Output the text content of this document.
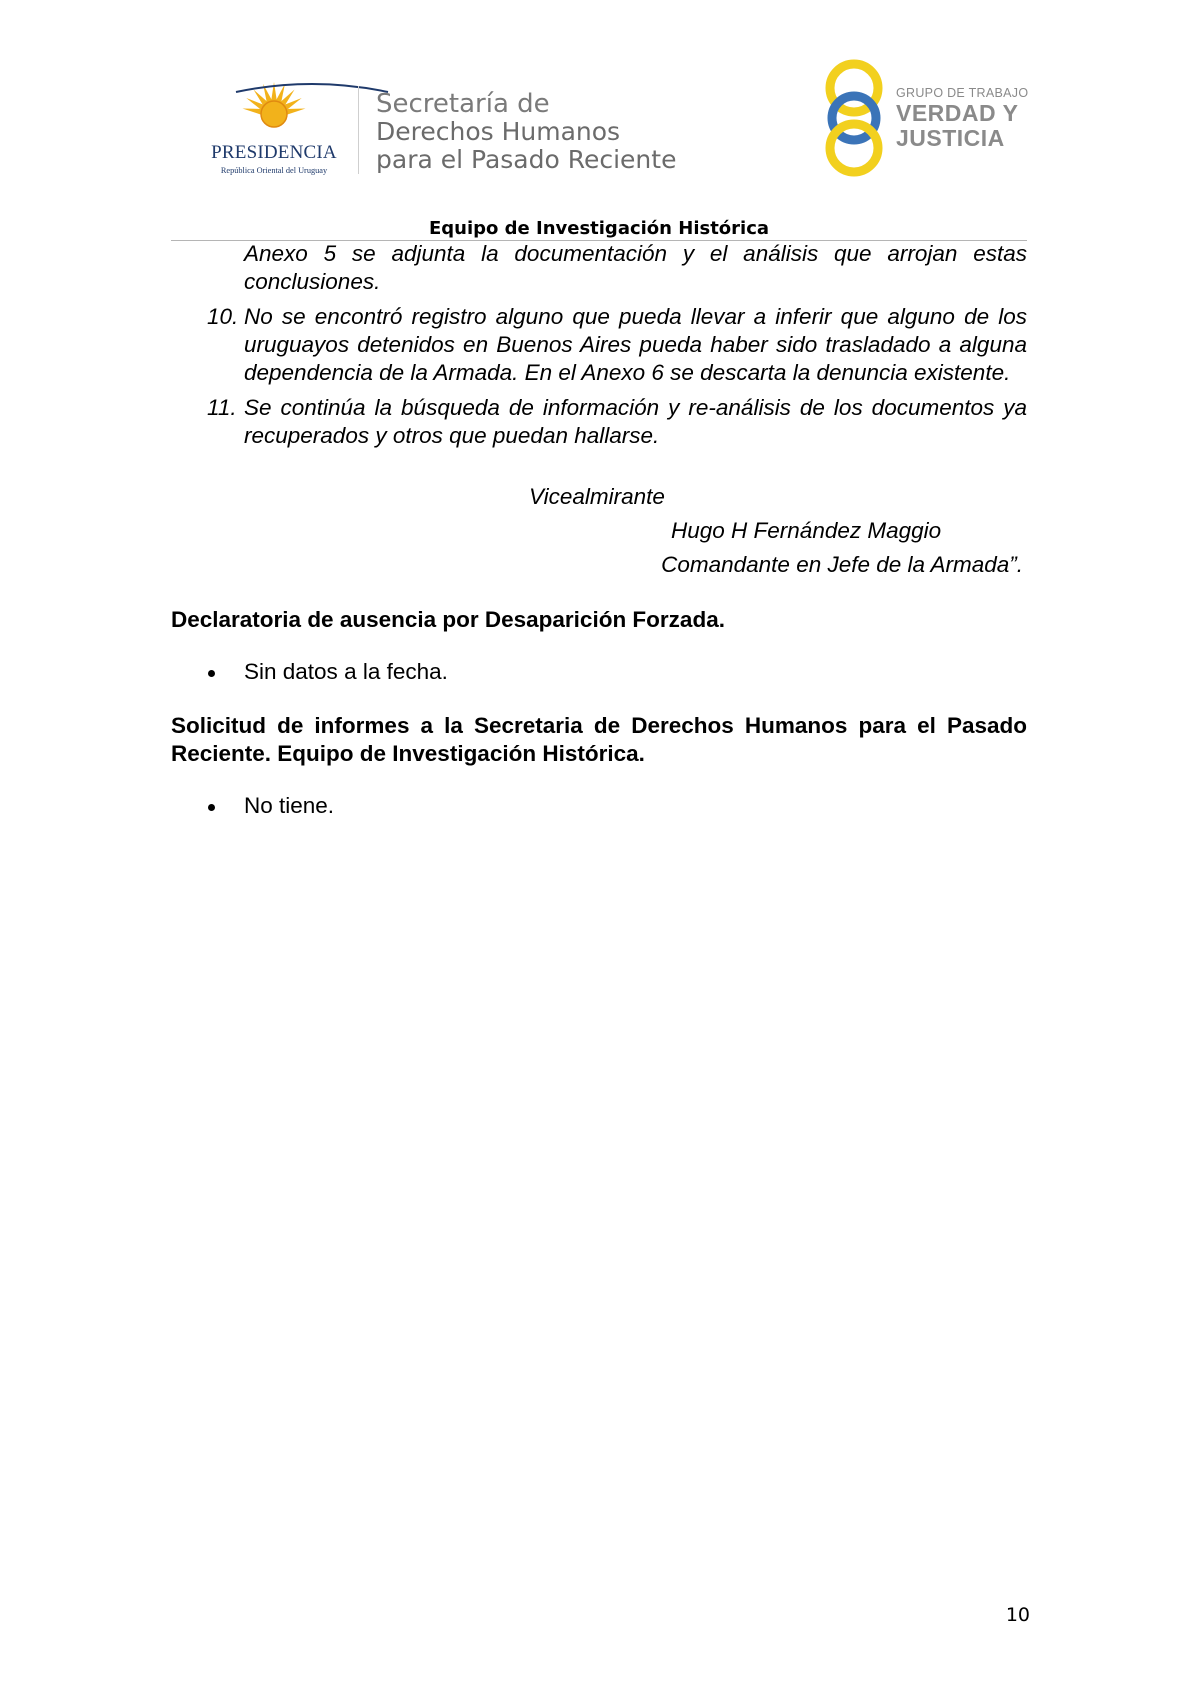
PRESIDENCIA
República Oriental del Uruguay
Secretaría de
Derechos Humanos
para el Pasado Reciente
GRUPO DE TRABAJO
VERDAD Y
JUSTICIA
Equipo de Investigación Histórica

Anexo 5 se adjunta la documentación y el análisis que arrojan estas conclusiones.

10. No se encontró registro alguno que pueda llevar a inferir que alguno de los uruguayos detenidos en Buenos Aires pueda haber sido trasladado a alguna dependencia de la Armada. En el Anexo 6 se descarta la denuncia existente.
11. Se continúa la búsqueda de información y re-análisis de los documentos ya recuperados y otros que puedan hallarse.
Vicealmirante
Hugo H Fernández Maggio
Comandante en Jefe de la Armada”.
Declaratoria de ausencia por Desaparición Forzada.
Sin datos a la fecha.
Solicitud de informes a la Secretaria de Derechos Humanos para el Pasado Reciente. Equipo de Investigación Histórica.
No tiene.
10
